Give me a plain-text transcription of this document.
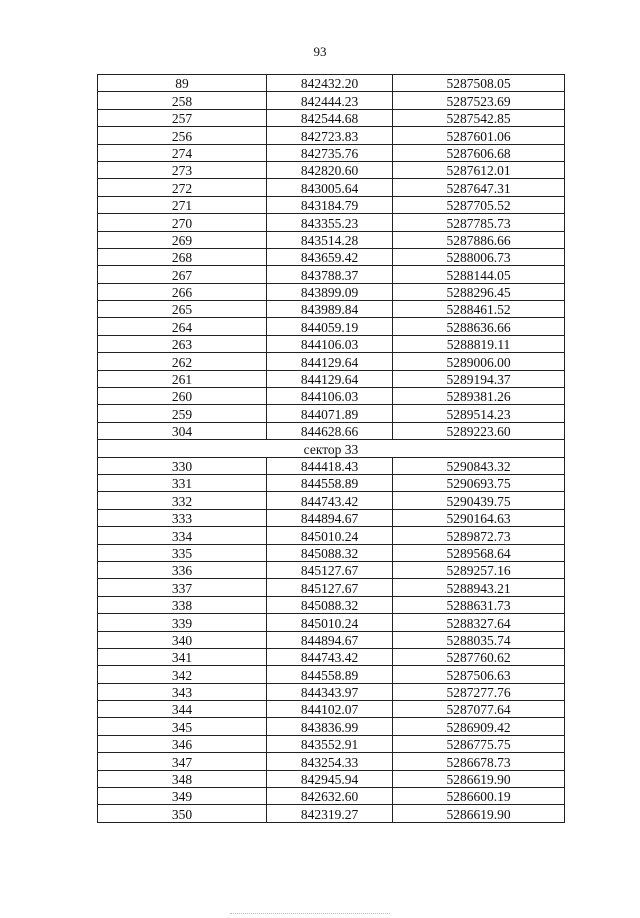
93
89	842432.20	5287508.05
258	842444.23	5287523.69
257	842544.68	5287542.85
256	842723.83	5287601.06
274	842735.76	5287606.68
273	842820.60	5287612.01
272	843005.64	5287647.31
271	843184.79	5287705.52
270	843355.23	5287785.73
269	843514.28	5287886.66
268	843659.42	5288006.73
267	843788.37	5288144.05
266	843899.09	5288296.45
265	843989.84	5288461.52
264	844059.19	5288636.66
263	844106.03	5288819.11
262	844129.64	5289006.00
261	844129.64	5289194.37
260	844106.03	5289381.26
259	844071.89	5289514.23
304	844628.66	5289223.60
сектор 33		
330	844418.43	5290843.32
331	844558.89	5290693.75
332	844743.42	5290439.75
333	844894.67	5290164.63
334	845010.24	5289872.73
335	845088.32	5289568.64
336	845127.67	5289257.16
337	845127.67	5288943.21
338	845088.32	5288631.73
339	845010.24	5288327.64
340	844894.67	5288035.74
341	844743.42	5287760.62
342	844558.89	5287506.63
343	844343.97	5287277.76
344	844102.07	5287077.64
345	843836.99	5286909.42
346	843552.91	5286775.75
347	843254.33	5286678.73
348	842945.94	5286619.90
349	842632.60	5286600.19
350	842319.27	5286619.90
